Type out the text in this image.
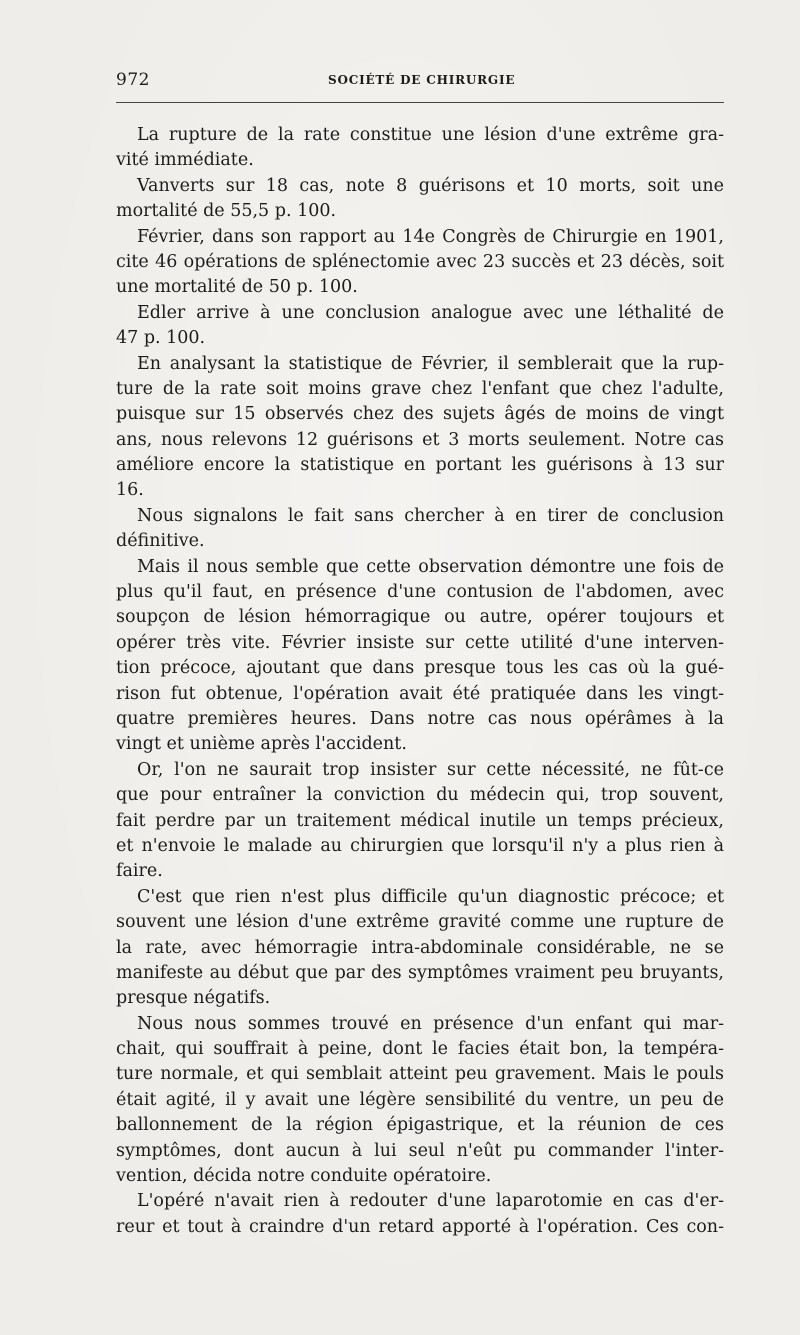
972	SOCIÉTÉ DE CHIRURGIE
La rupture de la rate constitue une lésion d'une extrême gra-
vité immédiate.
Vanverts sur 18 cas, note 8 guérisons et 10 morts, soit une
mortalité de 55,5 p. 100.
Février, dans son rapport au 14e Congrès de Chirurgie en 1901,
cite 46 opérations de splénectomie avec 23 succès et 23 décès, soit
une mortalité de 50 p. 100.
Edler arrive à une conclusion analogue avec une léthalité de
47 p. 100.
En analysant la statistique de Février, il semblerait que la rup-
ture de la rate soit moins grave chez l'enfant que chez l'adulte,
puisque sur 15 observés chez des sujets âgés de moins de vingt
ans, nous relevons 12 guérisons et 3 morts seulement. Notre cas
améliore encore la statistique en portant les guérisons à 13 sur
16.
Nous signalons le fait sans chercher à en tirer de conclusion
définitive.
Mais il nous semble que cette observation démontre une fois de
plus qu'il faut, en présence d'une contusion de l'abdomen, avec
soupçon de lésion hémorragique ou autre, opérer toujours et
opérer très vite. Février insiste sur cette utilité d'une interven-
tion précoce, ajoutant que dans presque tous les cas où la gué-
rison fut obtenue, l'opération avait été pratiquée dans les vingt-
quatre premières heures. Dans notre cas nous opérâmes à la
vingt et unième après l'accident.
Or, l'on ne saurait trop insister sur cette nécessité, ne fût-ce
que pour entraîner la conviction du médecin qui, trop souvent,
fait perdre par un traitement médical inutile un temps précieux,
et n'envoie le malade au chirurgien que lorsqu'il n'y a plus rien à
faire.
C'est que rien n'est plus difficile qu'un diagnostic précoce; et
souvent une lésion d'une extrême gravité comme une rupture de
la rate, avec hémorragie intra-abdominale considérable, ne se
manifeste au début que par des symptômes vraiment peu bruyants,
presque négatifs.
Nous nous sommes trouvé en présence d'un enfant qui mar-
chait, qui souffrait à peine, dont le facies était bon, la tempéra-
ture normale, et qui semblait atteint peu gravement. Mais le pouls
était agité, il y avait une légère sensibilité du ventre, un peu de
ballonnement de la région épigastrique, et la réunion de ces
symptômes, dont aucun à lui seul n'eût pu commander l'inter-
vention, décida notre conduite opératoire.
L'opéré n'avait rien à redouter d'une laparotomie en cas d'er-
reur et tout à craindre d'un retard apporté à l'opération. Ces con-
